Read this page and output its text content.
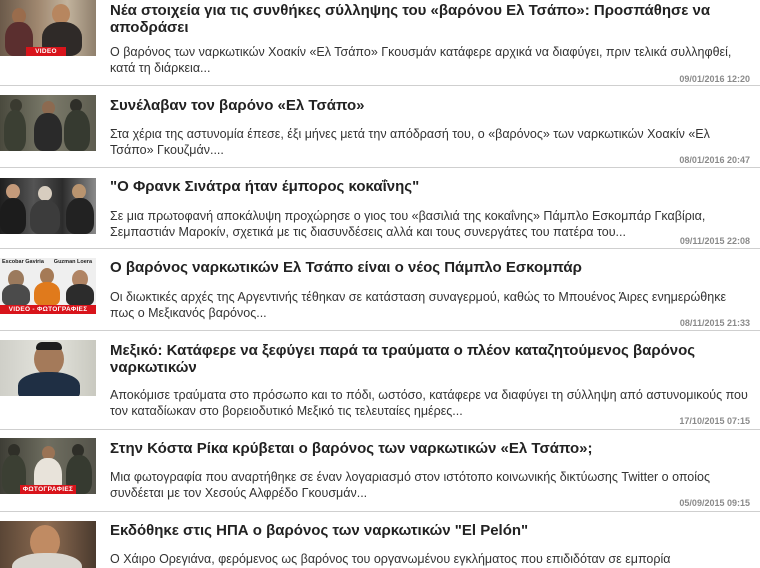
VIDEO
Νέα στοιχεία για τις συνθήκες σύλληψης του «βαρόνου Ελ Τσάπο»: Προσπάθησε να αποδράσει
Ο βαρόνος των ναρκωτικών Χοακίν «Ελ Τσάπο» Γκουσμάν κατάφερε αρχικά να διαφύγει, πριν τελικά συλληφθεί, κατά τη διάρκεια...
09/01/2016 12:20
Συνέλαβαν τον βαρόνο «Ελ Τσάπο»
Στα χέρια της αστυνομία έπεσε, έξι μήνες μετά την απόδρασή του, ο «βαρόνος» των ναρκωτικών Χοακίν «Ελ Τσάπο» Γκουζμάν....
08/01/2016 20:47
"Ο Φρανκ Σινάτρα ήταν έμπορος κοκαΐνης"
Σε μια πρωτοφανή αποκάλυψη προχώρησε ο γιος του «βασιλιά της κοκαΐνης» Πάμπλο Εσκομπάρ Γκαβίρια, Σεμπαστιάν Μαροκίν, σχετικά με τις διασυνδέσεις αλλά και τους συνεργάτες του πατέρα του...
09/11/2015 22:08
Escobar Gaviria Guzman Loera
VIDEO - ΦΩΤΟΓΡΑΦΙΕΣ
Ο βαρόνος ναρκωτικών Ελ Τσάπο είναι ο νέος Πάμπλο Εσκομπάρ
Οι διωκτικές αρχές της Αργεντινής τέθηκαν σε κατάσταση συναγερμού, καθώς το Μπουένος Άιρες ενημερώθηκε πως ο Μεξικανός βαρόνος...
08/11/2015 21:33
Μεξικό: Κατάφερε να ξεφύγει παρά τα τραύματα ο πλέον καταζητούμενος βαρόνος ναρκωτικών
Αποκόμισε τραύματα στο πρόσωπο και το πόδι, ωστόσο, κατάφερε να διαφύγει τη σύλληψη από αστυνομικούς που τον καταδίωκαν στο βορειοδυτικό Μεξικό τις τελευταίες ημέρες...
17/10/2015 07:15
ΦΩΤΟΓΡΑΦΙΕΣ
Στην Κόστα Ρίκα κρύβεται ο βαρόνος των ναρκωτικών «Ελ Τσάπο»;
Μια φωτογραφία που αναρτήθηκε σε έναν λογαριασμό στον ιστότοπο κοινωνικής δικτύωσης Twitter ο οποίος συνδέεται με τον Χεσούς Αλφρέδο Γκουσμάν...
05/09/2015 09:15
Εκδόθηκε στις ΗΠΑ ο βαρόνος των ναρκωτικών "El Pelón"
Ο Χάιρο Ορεγιάνα, φερόμενος ως βαρόνος του οργανωμένου εγκλήματος που επιδιδόταν σε εμπορία
